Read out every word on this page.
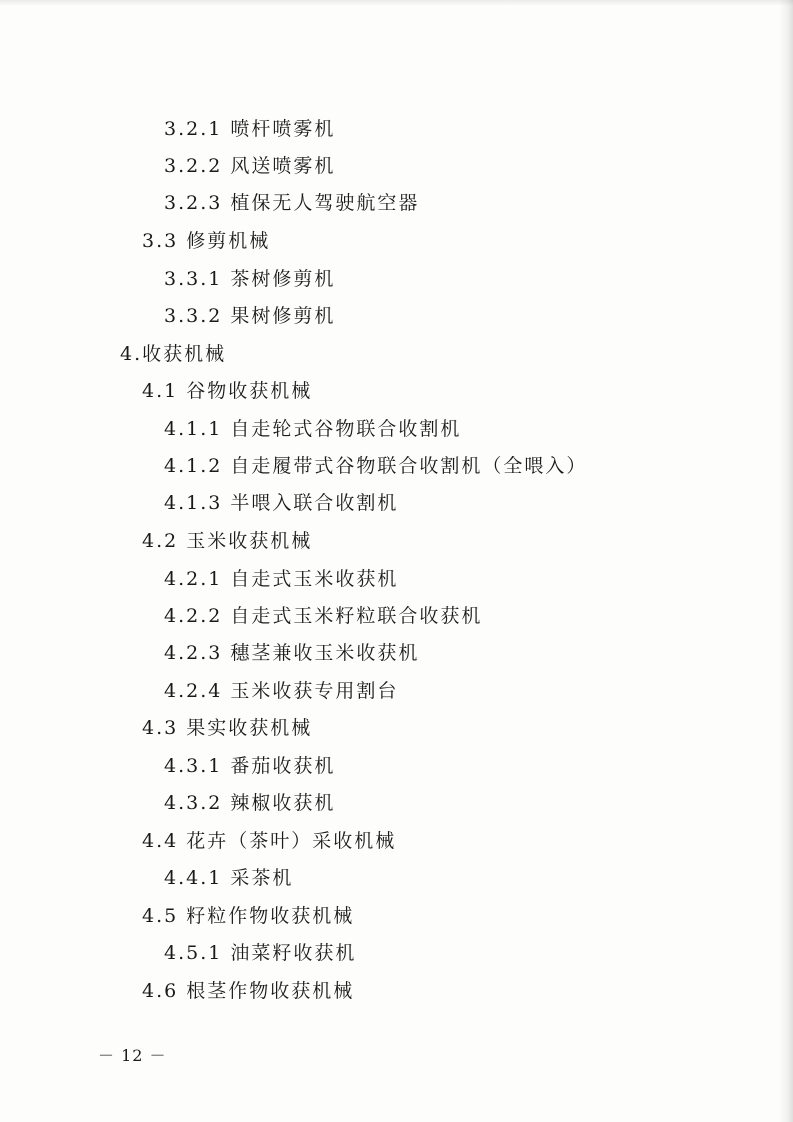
3.2.1 喷杆喷雾机
3.2.2 风送喷雾机
3.2.3 植保无人驾驶航空器
3.3 修剪机械
3.3.1 茶树修剪机
3.3.2 果树修剪机
4.收获机械
4.1 谷物收获机械
4.1.1 自走轮式谷物联合收割机
4.1.2 自走履带式谷物联合收割机（全喂入）
4.1.3 半喂入联合收割机
4.2 玉米收获机械
4.2.1 自走式玉米收获机
4.2.2 自走式玉米籽粒联合收获机
4.2.3 穗茎兼收玉米收获机
4.2.4 玉米收获专用割台
4.3 果实收获机械
4.3.1 番茄收获机
4.3.2 辣椒收获机
4.4 花卉（茶叶）采收机械
4.4.1 采茶机
4.5 籽粒作物收获机械
4.5.1 油菜籽收获机
4.6 根茎作物收获机械
－ 12 －
